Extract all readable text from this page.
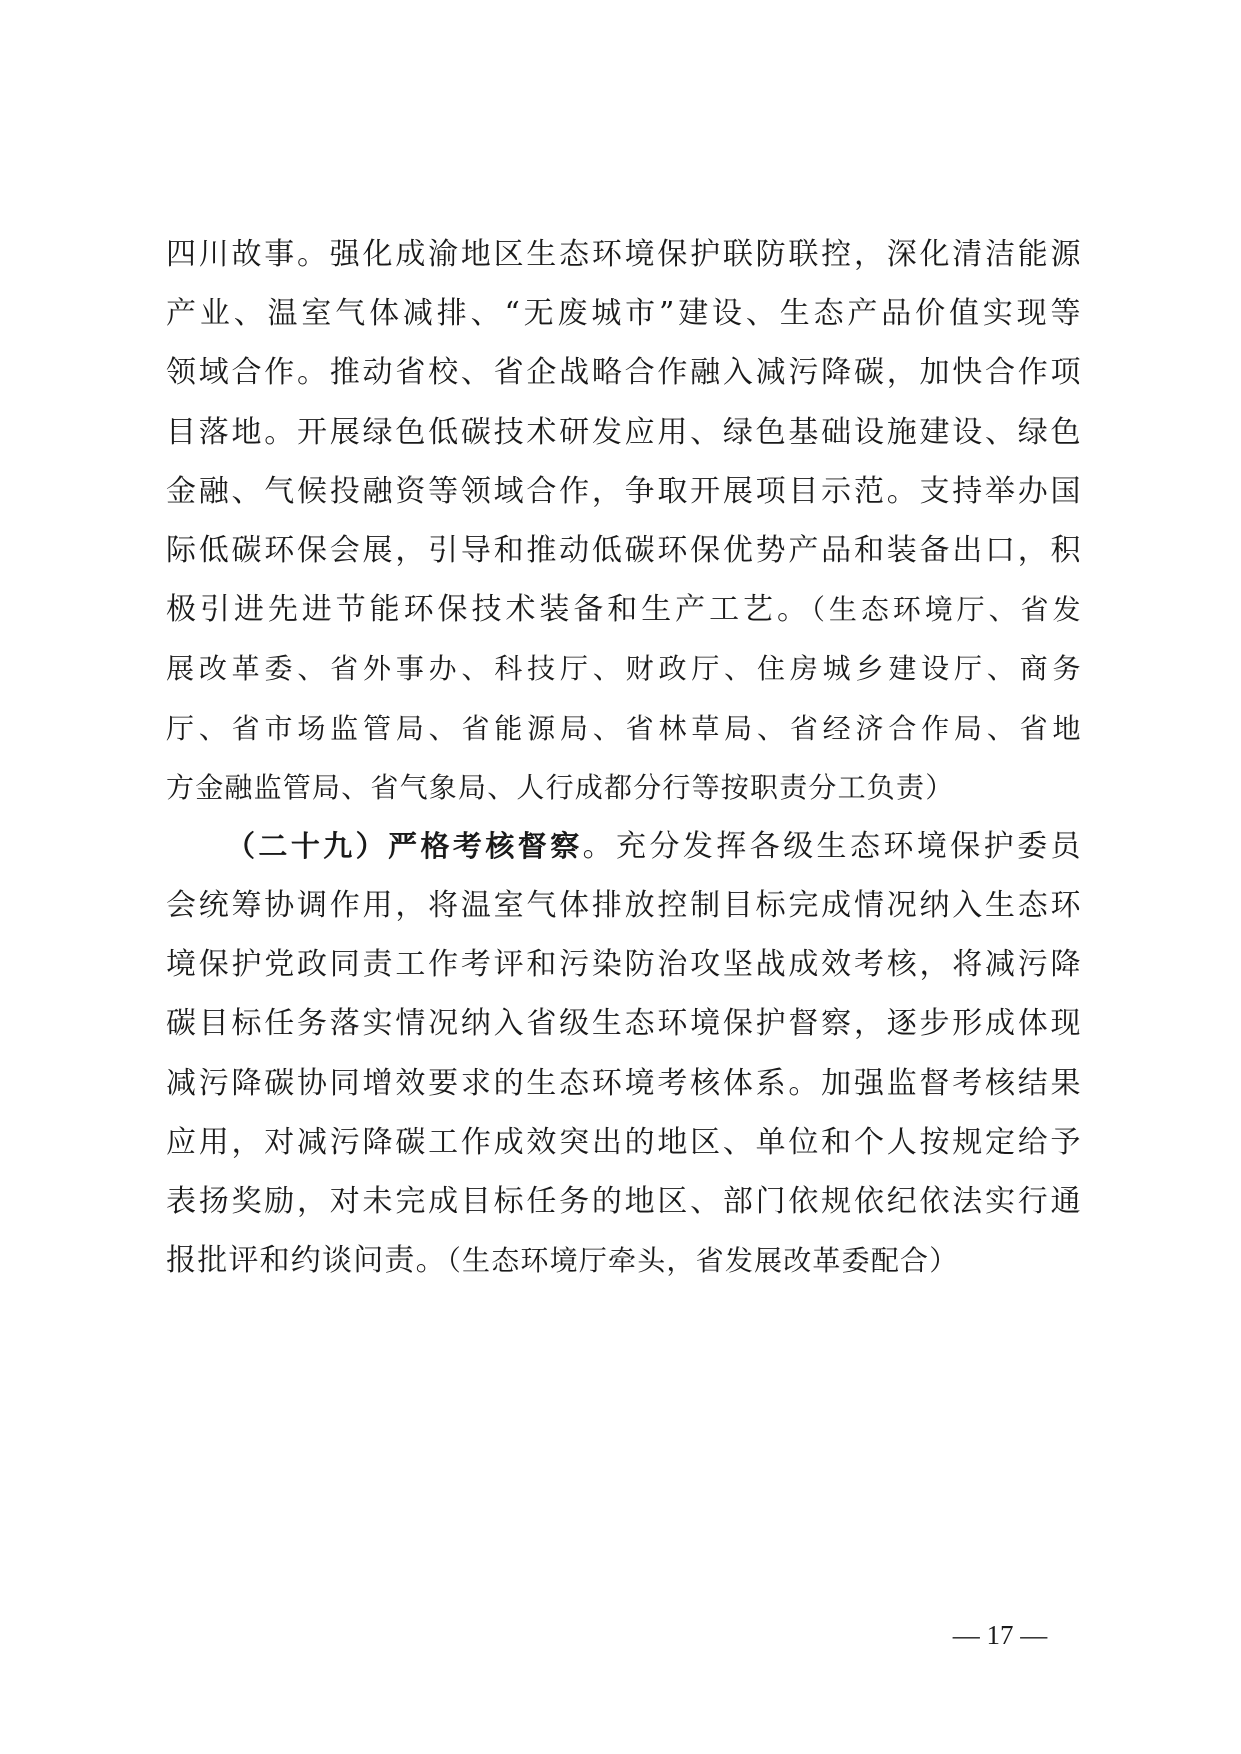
四川故事。强化成渝地区生态环境保护联防联控，深化清洁能源
产业、温室气体减排、“无废城市”建设、生态产品价值实现等
领域合作。推动省校、省企战略合作融入减污降碳，加快合作项
目落地。开展绿色低碳技术研发应用、绿色基础设施建设、绿色
金融、气候投融资等领域合作，争取开展项目示范。支持举办国
际低碳环保会展，引导和推动低碳环保优势产品和装备出口，积
极引进先进节能环保技术装备和生产工艺。（生态环境厅、省发
展改革委、省外事办、科技厅、财政厅、住房城乡建设厅、商务
厅、省市场监管局、省能源局、省林草局、省经济合作局、省地
方金融监管局、省气象局、人行成都分行等按职责分工负责）
（二十九）严格考核督察。充分发挥各级生态环境保护委员
会统筹协调作用，将温室气体排放控制目标完成情况纳入生态环
境保护党政同责工作考评和污染防治攻坚战成效考核，将减污降
碳目标任务落实情况纳入省级生态环境保护督察，逐步形成体现
减污降碳协同增效要求的生态环境考核体系。加强监督考核结果
应用，对减污降碳工作成效突出的地区、单位和个人按规定给予
表扬奖励，对未完成目标任务的地区、部门依规依纪依法实行通
报批评和约谈问责。（生态环境厅牵头，省发展改革委配合）
— 17 —
